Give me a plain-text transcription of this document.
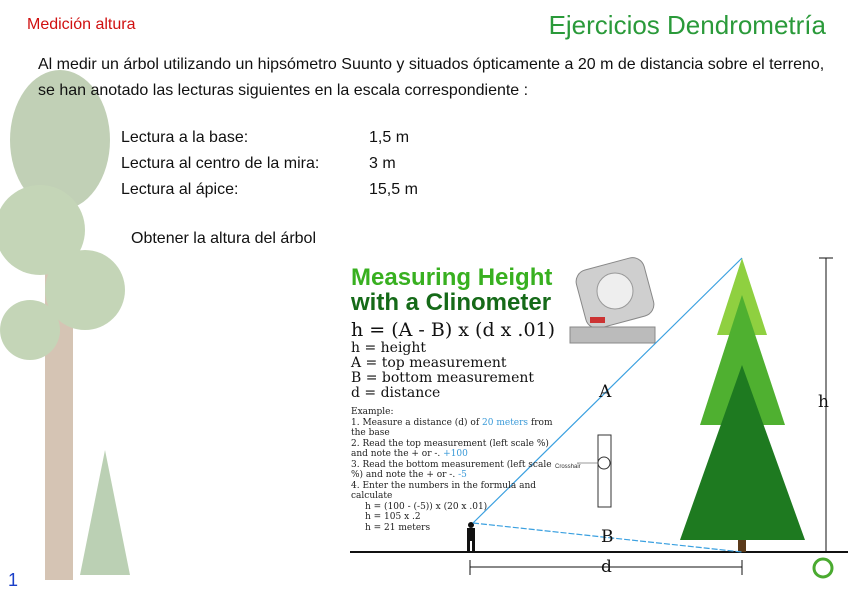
Medición altura	Ejercicios Dendrometría
Al medir un árbol utilizando un hipsómetro Suunto y situados ópticamente a 20 m de distancia sobre el terreno, se han anotado las lecturas siguientes en la escala correspondiente :
Lectura a la base:	1,5 m
Lectura al centro de la mira:	3 m
Lectura al ápice:	15,5 m
Obtener la altura del árbol
Measuring Height
with a Clinometer
h = (A - B) x (d x .01)
h = height
A = top measurement
B = bottom measurement
d = distance
Example:
1. Measure a distance (d) of 20 meters from the base
2. Read the top measurement (left scale %) and note the + or -. +100
3. Read the bottom measurement (left scale %) and note the + or -. -5
4. Enter the numbers in the formula and calculate
h = (100 - (-5)) x (20 x .01)
h = 105 x .2
h = 21 meters
Crosshair
A
B
h
d
1
